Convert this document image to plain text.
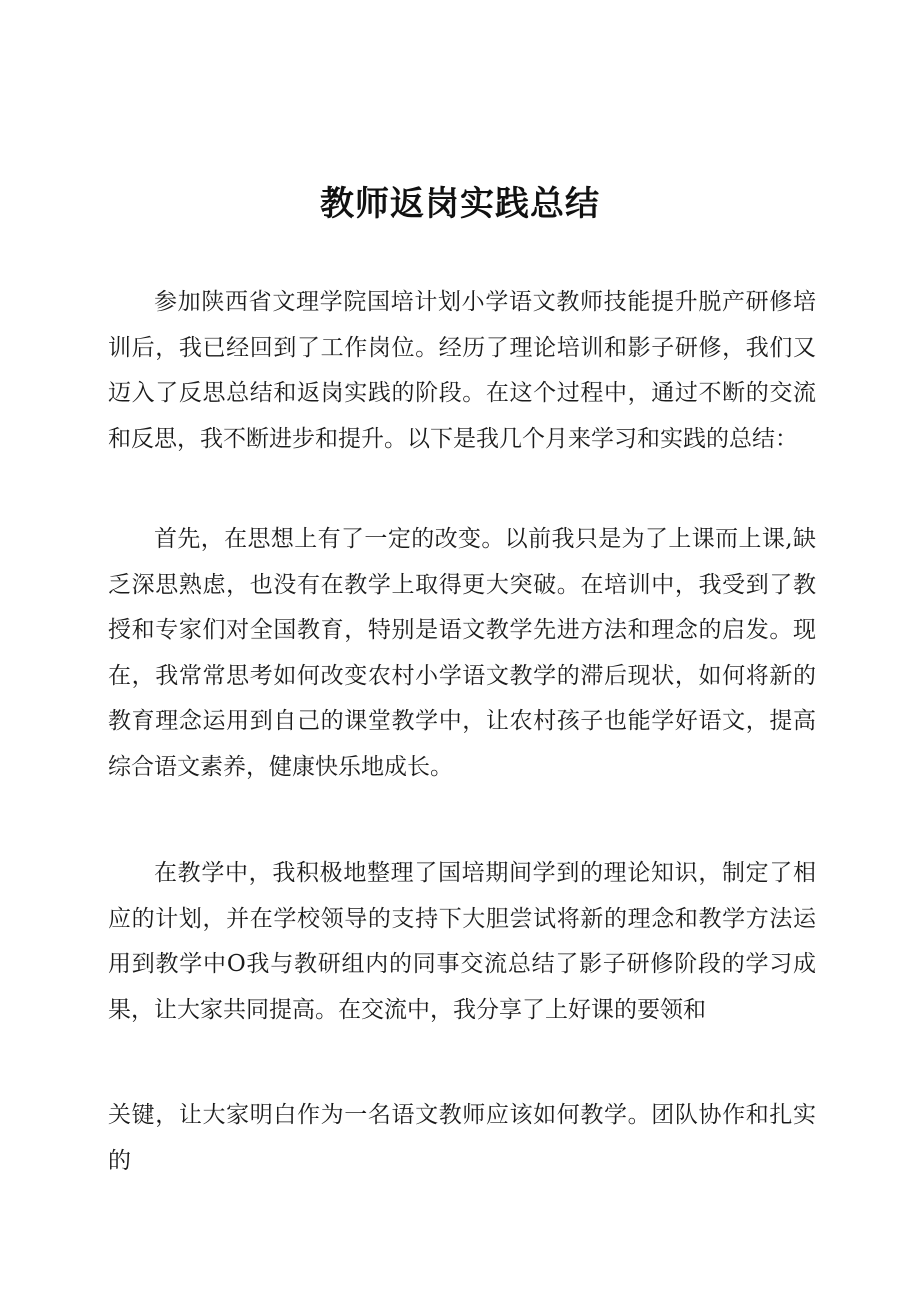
教师返岗实践总结

参加陕西省文理学院国培计划小学语文教师技能提升脱产研修培训后，我已经回到了工作岗位。经历了理论培训和影子研修，我们又迈入了反思总结和返岗实践的阶段。在这个过程中，通过不断的交流和反思，我不断进步和提升。以下是我几个月来学习和实践的总结：

首先，在思想上有了一定的改变。以前我只是为了上课而上课,缺乏深思熟虑，也没有在教学上取得更大突破。在培训中，我受到了教授和专家们对全国教育，特别是语文教学先进方法和理念的启发。现在，我常常思考如何改变农村小学语文教学的滞后现状，如何将新的教育理念运用到自己的课堂教学中，让农村孩子也能学好语文，提高综合语文素养，健康快乐地成长。

在教学中，我积极地整理了国培期间学到的理论知识，制定了相应的计划，并在学校领导的支持下大胆尝试将新的理念和教学方法运用到教学中O我与教研组内的同事交流总结了影子研修阶段的学习成果，让大家共同提高。在交流中，我分享了上好课的要领和

关键，让大家明白作为一名语文教师应该如何教学。团队协作和扎实的
